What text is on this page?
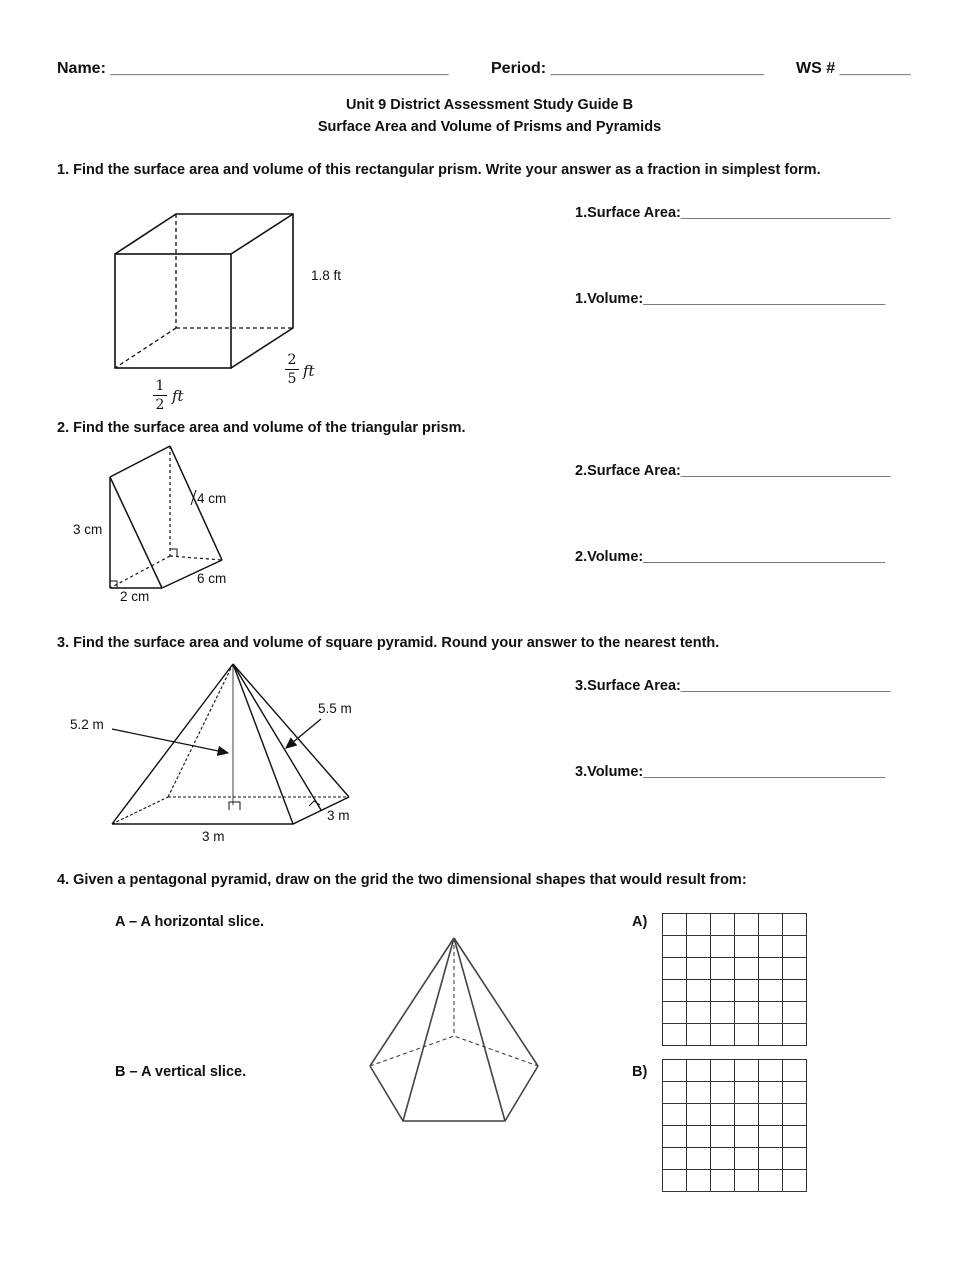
Name: ______________________________________	Period: ________________________ WS # ________
Unit 9 District Assessment Study Guide B
Surface Area and Volume of Prisms and Pyramids
1. Find the surface area and volume of this rectangular prism. Write your answer as a fraction in simplest form.
1.8 ft
2
5 ft
1
2 ft
1.Surface Area:__________________________
1.Volume:______________________________
2. Find the surface area and volume of the triangular prism.
4 cm
3 cm
6 cm
2 cm
2.Surface Area:__________________________
2.Volume:______________________________
3. Find the surface area and volume of square pyramid. Round your answer to the nearest tenth.
5.2 m
5.5 m
3 m
3 m
3.Surface Area:__________________________
3.Volume:______________________________
4. Given a pentagonal pyramid, draw on the grid the two dimensional shapes that would result from:
A – A horizontal slice.
B – A vertical slice.
A)

B)
